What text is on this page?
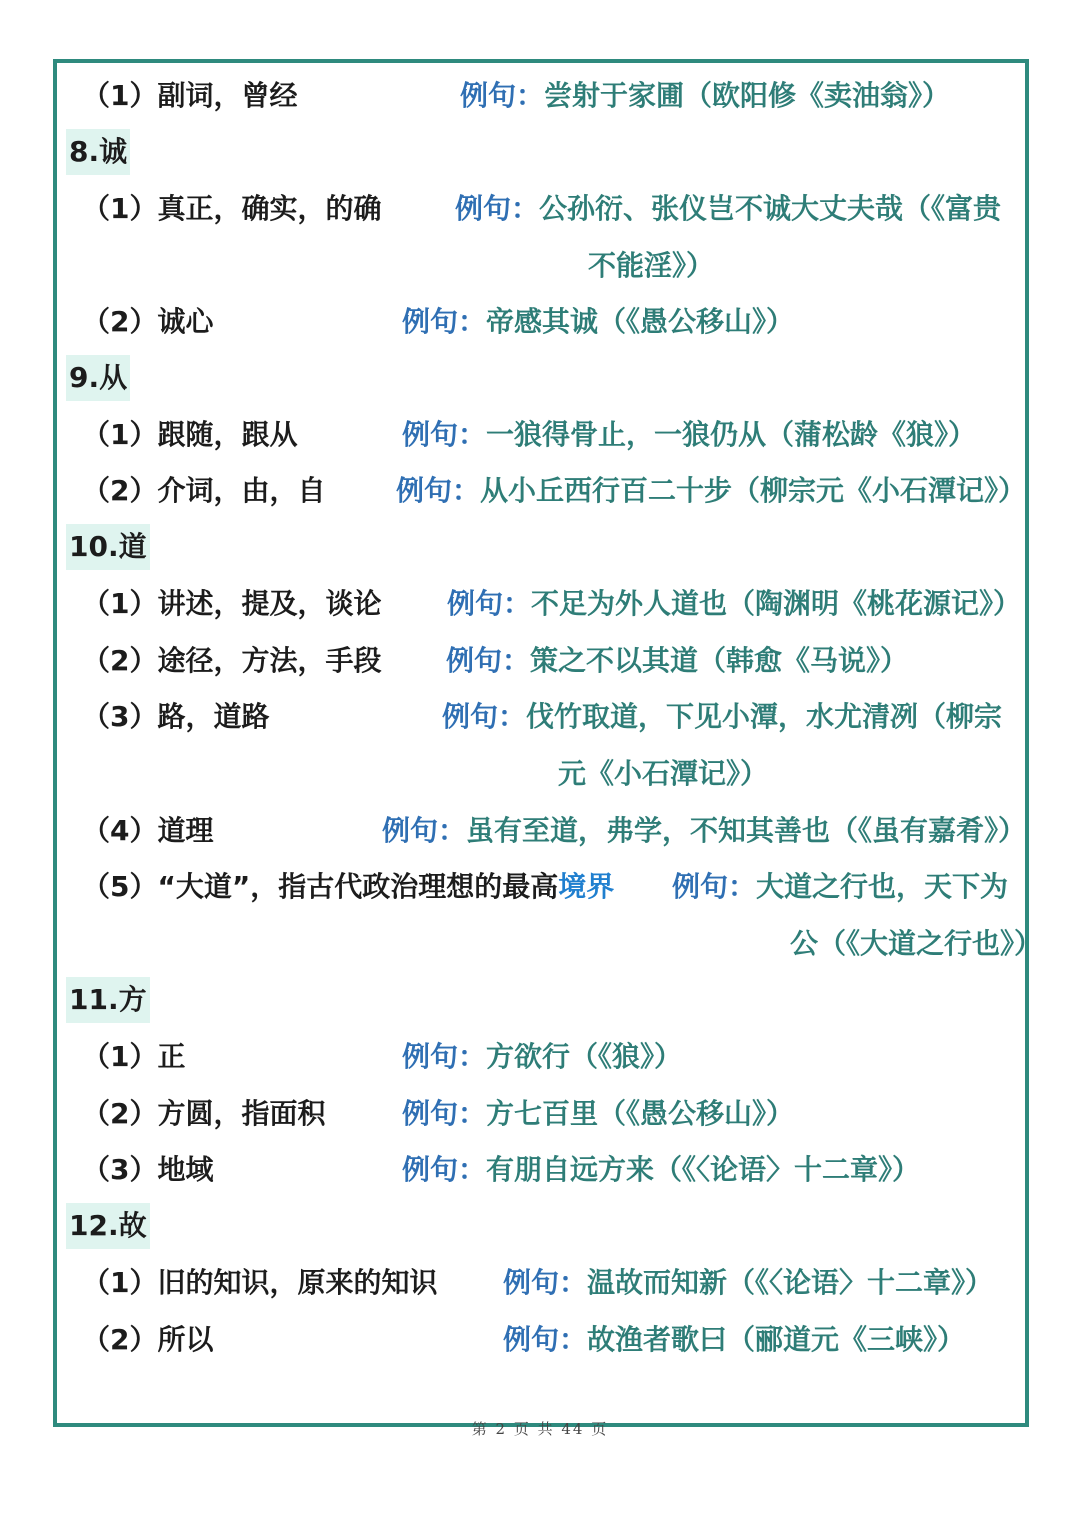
（1）副词，曾经	例句：尝射于家圃（欧阳修《卖油翁》）
8.诚
（1）真正，确实，的确	例句：公孙衍、张仪岂不诚大丈夫哉（《富贵
不能淫》）
（2）诚心	例句：帝感其诚（《愚公移山》）
9.从
（1）跟随，跟从	例句：一狼得骨止，一狼仍从（蒲松龄《狼》）
（2）介词，由，自	例句：从小丘西行百二十步（柳宗元《小石潭记》）
10.道
（1）讲述，提及，谈论 例句：不足为外人道也（陶渊明《桃花源记》）
（2）途径，方法，手段 例句：策之不以其道（韩愈《马说》）
（3）路，道路	例句：伐竹取道，下见小潭，水尤清冽（柳宗
元《小石潭记》）
（4）道理	例句：虽有至道，弗学，不知其善也（《虽有嘉肴》）
（5）“大道”，指古代政治理想的最高境界 例句：大道之行也，天下为
公（《大道之行也》）
11.方
（1）正	例句：方欲行（《狼》）
（2）方圆，指面积	例句：方七百里（《愚公移山》）
（3）地域	例句：有朋自远方来（《〈论语〉十二章》）
12.故
（1）旧的知识，原来的知识 例句：温故而知新（《〈论语〉十二章》）
（2）所以	例句：故渔者歌曰（郦道元《三峡》）
第 2 页 共 44 页
